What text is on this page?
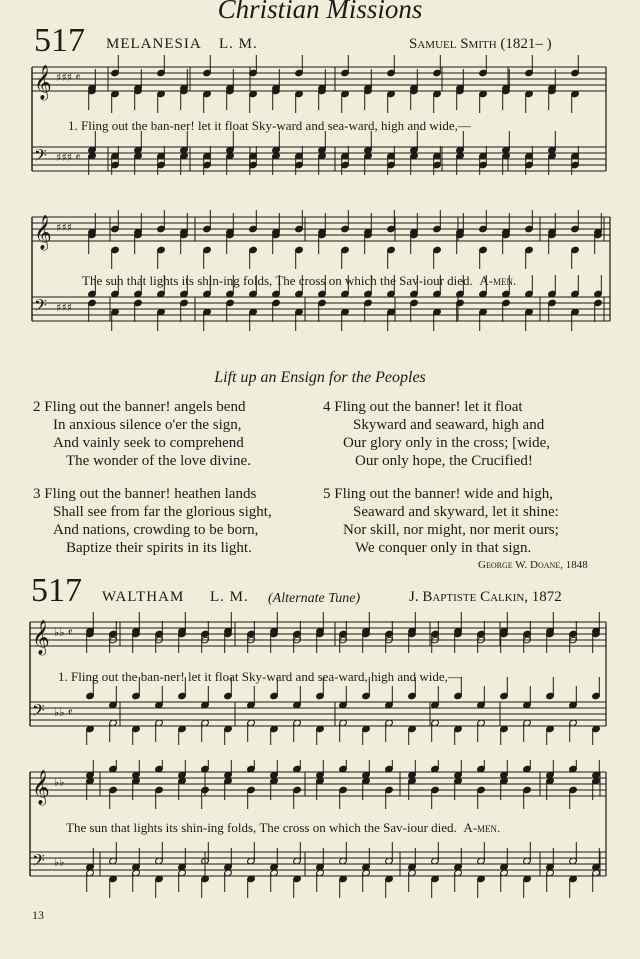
Christian Missions
517 MELANESIA L. M.	Samuel Smith (1821– )
𝄞 ♯♯♯ 𝄴
𝄢 ♯♯♯ 𝄴
1. Fling out the ban-ner! let it float Sky-ward and sea-ward, high and wide,—
𝄞 ♯♯♯
𝄢 ♯♯♯
The sun that lights its shin-ing folds, The cross on which the Sav-iour died. A-men.
Lift up an Ensign for the Peoples
2 Fling out the banner! angels bend
In anxious silence o'er the sign,
And vainly seek to comprehend
The wonder of the love divine.
3 Fling out the banner! heathen lands
Shall see from far the glorious sight,
And nations, crowding to be born,
Baptize their spirits in its light.
4 Fling out the banner! let it float
Skyward and seaward, high and
Our glory only in the cross; [wide,
Our only hope, the Crucified!
5 Fling out the banner! wide and high,
Seaward and skyward, let it shine:
Nor skill, nor might, nor merit ours;
We conquer only in that sign.
George W. Doane, 1848
517 WALTHAM L. M. (Alternate Tune)	J. Baptiste Calkin, 1872
𝄞 ♭♭ 𝄴
𝄢 ♭♭ 𝄴
1. Fling out the ban-ner! let it float Sky-ward and sea-ward, high and wide,—
𝄞 ♭♭
𝄢 ♭♭
The sun that lights its shin-ing folds, The cross on which the Sav-iour died. A-men.
13
